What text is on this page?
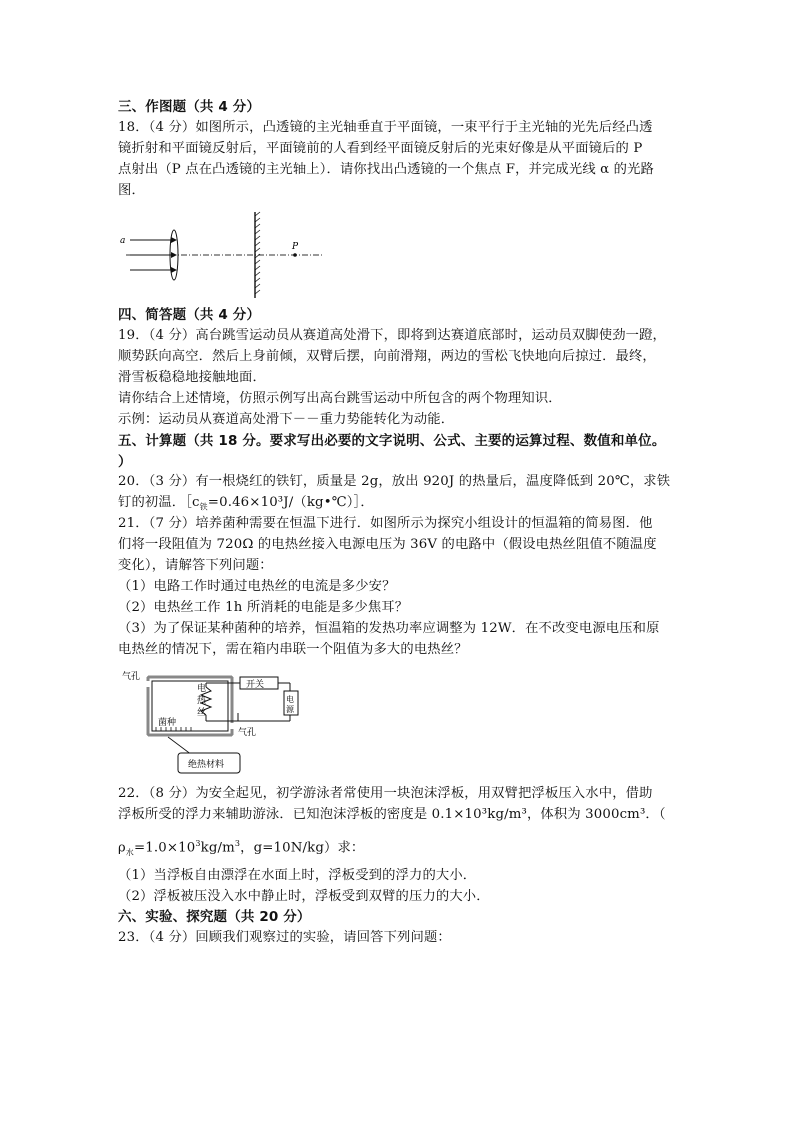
三、作图题（共 4 分）
18．（4 分）如图所示，凸透镜的主光轴垂直于平面镜，一束平行于主光轴的光先后经凸透
镜折射和平面镜反射后，平面镜前的人看到经平面镜反射后的光束好像是从平面镜后的 P
点射出（P 点在凸透镜的主光轴上）．请你找出凸透镜的一个焦点 F，并完成光线 α 的光路
图．
a
P
四、简答题（共 4 分）
19．（4 分）高台跳雪运动员从赛道高处滑下，即将到达赛道底部时，运动员双脚使劲一蹬，
顺势跃向高空．然后上身前倾，双臂后摆，向前滑翔，两边的雪松飞快地向后掠过．最终，
滑雪板稳稳地接触地面．
请你结合上述情境，仿照示例写出高台跳雪运动中所包含的两个物理知识．
示例：运动员从赛道高处滑下－－重力势能转化为动能．
五、计算题（共 18 分。要求写出必要的文字说明、公式、主要的运算过程、数值和单位。
）
20．（3 分）有一根烧红的铁钉，质量是 2g，放出 920J 的热量后，温度降低到 20℃，求铁
钉的初温．$[c_铁=0.46\times 10^3J/(kg•℃)]$．
21．（7 分）培养菌种需要在恒温下进行．如图所示为探究小组设计的恒温箱的简易图．他
们将一段阻值为 720Ω 的电热丝接入电源电压为 36V 的电路中（假设电热丝阻值不随温度
变化），请解答下列问题：
（1）电路工作时通过电热丝的电流是多少安？
（2）电热丝工作 1h 所消耗的电能是多少焦耳？
（3）为了保证某种菌种的培养，恒温箱的发热功率应调整为 12W．在不改变电源电压和原
电热丝的情况下，需在箱内串联一个阻值为多大的电热丝？
气孔
电
热
丝
开关
电
源
菌种
气孔
绝热材料
22．（8 分）为安全起见，初学游泳者常使用一块泡沫浮板，用双臂把浮板压入水中，借助
浮板所受的浮力来辅助游泳．已知泡沫浮板的密度是 0.1×10³kg/m³，体积为 3000cm³．（
$\rho_水=1.0\times 10^3kg/m^3$，g=10N/kg）求：
（1）当浮板自由漂浮在水面上时，浮板受到的浮力的大小．
（2）浮板被压没入水中静止时，浮板受到双臂的压力的大小．
六、实验、探究题（共 20 分）
23．（4 分）回顾我们观察过的实验，请回答下列问题：
